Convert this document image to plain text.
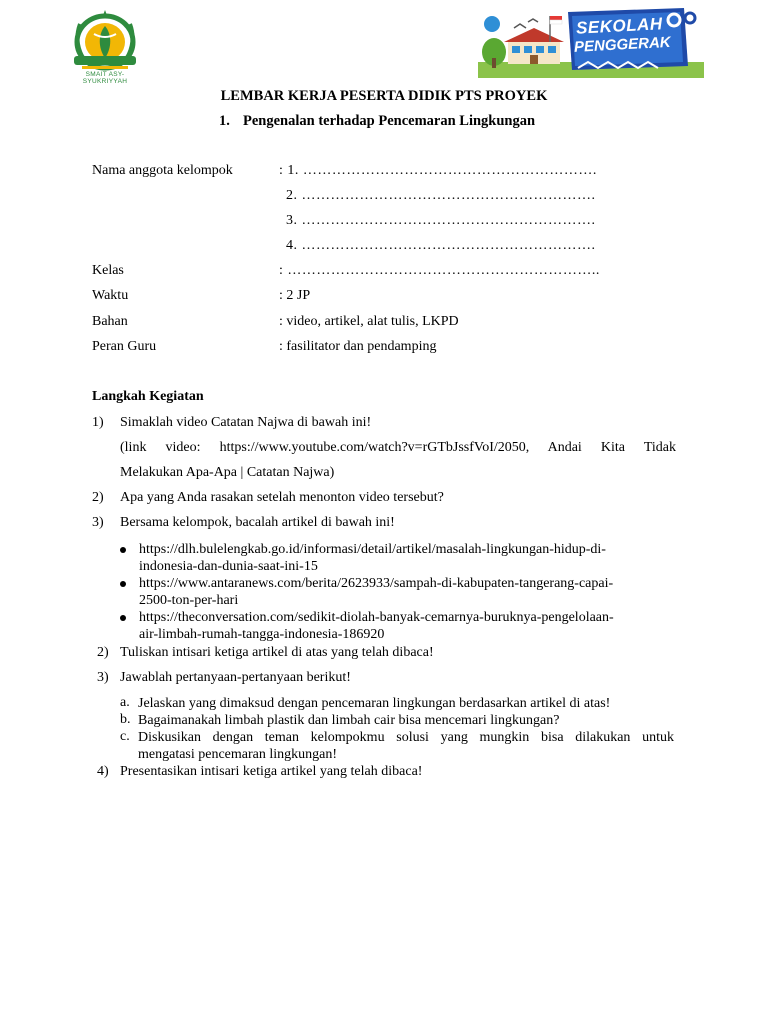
SMAIT ASY-SYUKRIYYAH
SEKOLAH
PENGGERAK
LEMBAR KERJA PESERTA DIDIK PTS PROYEK
1. Pengenalan terhadap Pencemaran Lingkungan
Nama anggota kelompok	: 1. …………………………………………………….
2. …………………………………………………….
3. …………………………………………………….
4. …………………………………………………….
Kelas	: ………………………………………………………..
Waktu	: 2 JP
Bahan	: video, artikel, alat tulis, LKPD
Peran Guru	: fasilitator dan pendamping
Langkah Kegiatan
1)	Simaklah video Catatan Najwa di bawah ini!
(link video: https://www.youtube.com/watch?v=rGTbJssfVoI/2050, Andai Kita Tidak
Melakukan Apa-Apa | Catatan Najwa)
2)	Apa yang Anda rasakan setelah menonton video tersebut?
3)	Bersama kelompok, bacalah artikel di bawah ini!
https://dlh.bulelengkab.go.id/informasi/detail/artikel/masalah-lingkungan-hidup-di-
indonesia-dan-dunia-saat-ini-15
https://www.antaranews.com/berita/2623933/sampah-di-kabupaten-tangerang-capai-
2500-ton-per-hari
https://theconversation.com/sedikit-diolah-banyak-cemarnya-buruknya-pengelolaan-
air-limbah-rumah-tangga-indonesia-186920
2) Tuliskan intisari ketiga artikel di atas yang telah dibaca!
3) Jawablah pertanyaan-pertanyaan berikut!
a. Jelaskan yang dimaksud dengan pencemaran lingkungan berdasarkan artikel di atas!
b. Bagaimanakah limbah plastik dan limbah cair bisa mencemari lingkungan?
c. Diskusikan dengan teman kelompokmu solusi yang mungkin bisa dilakukan untuk
mengatasi pencemaran lingkungan!
4) Presentasikan intisari ketiga artikel yang telah dibaca!
